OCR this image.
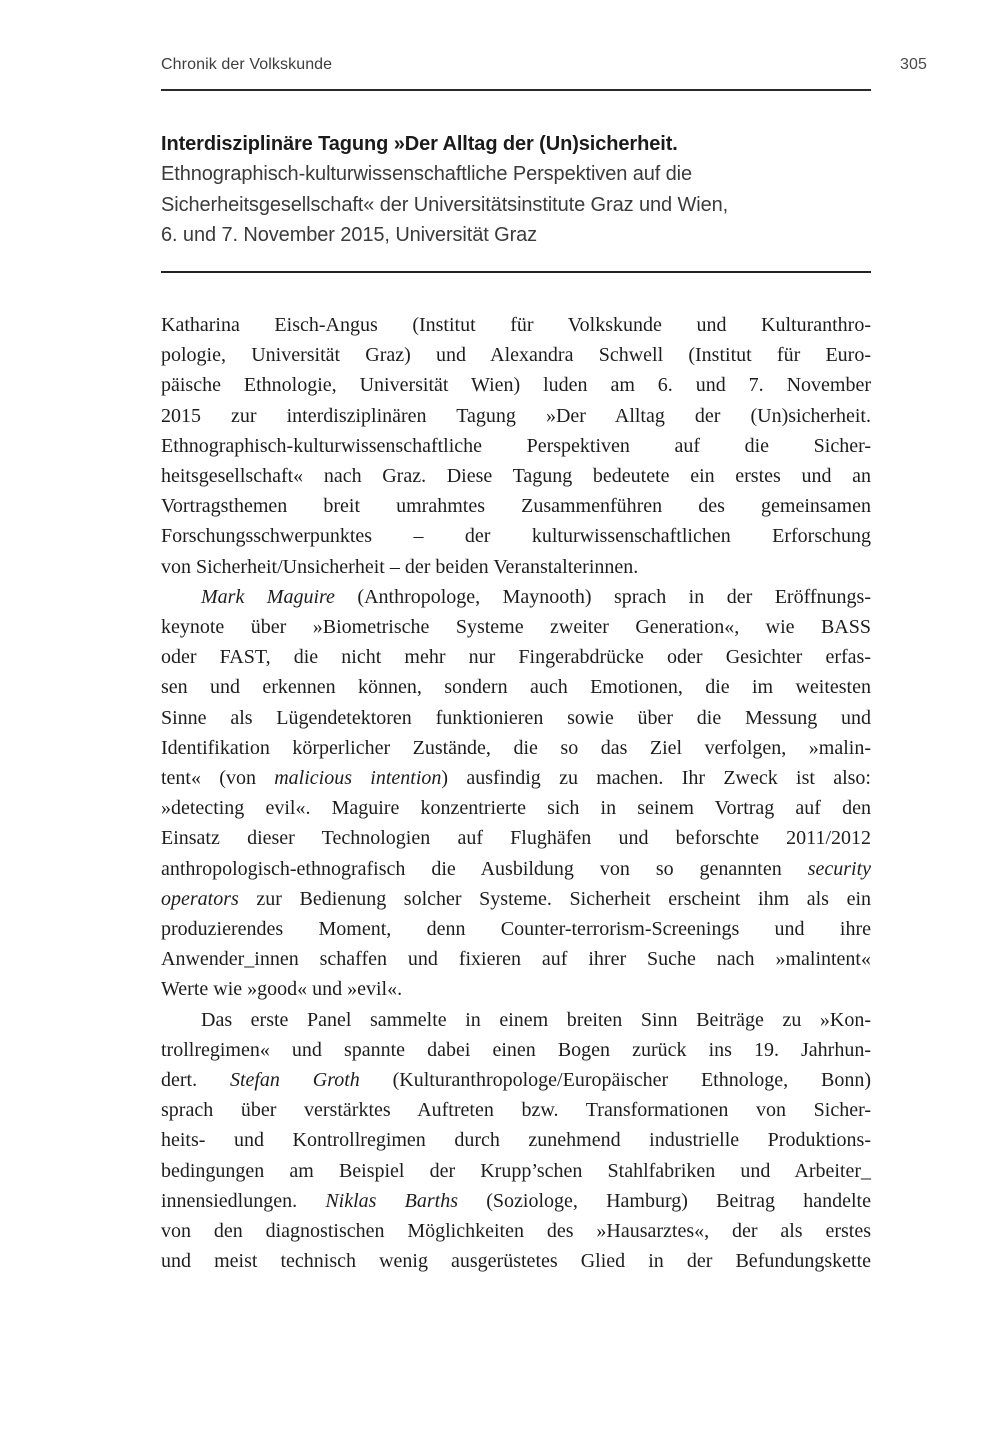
Chronik der Volkskunde	305
Interdisziplinäre Tagung »Der Alltag der (Un)sicherheit.
Ethnographisch-kulturwissenschaftliche Perspektiven auf die
Sicherheitsgesellschaft« der Universitätsinstitute Graz und Wien,
6. und 7. November 2015, Universität Graz
Katharina Eisch-Angus (Institut für Volkskunde und Kulturanthro-
pologie, Universität Graz) und Alexandra Schwell (Institut für Euro-
päische Ethnologie, Universität Wien) luden am 6. und 7. November
2015 zur interdisziplinären Tagung »Der Alltag der (Un)sicherheit.
Ethnographisch-kulturwissenschaftliche Perspektiven auf die Sicher-
heitsgesellschaft« nach Graz. Diese Tagung bedeutete ein erstes und an
Vortragsthemen breit umrahmtes Zusammenführen des gemeinsamen
Forschungsschwerpunktes – der kulturwissenschaftlichen Erforschung
von Sicherheit/Unsicherheit – der beiden Veranstalterinnen.
Mark Maguire (Anthropologe, Maynooth) sprach in der Eröffnungs-
keynote über »Biometrische Systeme zweiter Generation«, wie BASS
oder FAST, die nicht mehr nur Fingerabdrücke oder Gesichter erfas-
sen und erkennen können, sondern auch Emotionen, die im weitesten
Sinne als Lügendetektoren funktionieren sowie über die Messung und
Identifikation körperlicher Zustände, die so das Ziel verfolgen, »malin-
tent« (von malicious intention) ausfindig zu machen. Ihr Zweck ist also:
»detecting evil«. Maguire konzentrierte sich in seinem Vortrag auf den
Einsatz dieser Technologien auf Flughäfen und beforschte 2011/2012
anthropologisch-ethnografisch die Ausbildung von so genannten security
operators zur Bedienung solcher Systeme. Sicherheit erscheint ihm als ein
produzierendes Moment, denn Counter-terrorism-Screenings und ihre
Anwender_innen schaffen und fixieren auf ihrer Suche nach »malintent«
Werte wie »good« und »evil«.
Das erste Panel sammelte in einem breiten Sinn Beiträge zu »Kon-
trollregimen« und spannte dabei einen Bogen zurück ins 19. Jahrhun-
dert. Stefan Groth (Kulturanthropologe/Europäischer Ethnologe, Bonn)
sprach über verstärktes Auftreten bzw. Transformationen von Sicher-
heits- und Kontrollregimen durch zunehmend industrielle Produktions-
bedingungen am Beispiel der Krupp’schen Stahlfabriken und Arbeiter_
innensiedlungen. Niklas Barths (Soziologe, Hamburg) Beitrag handelte
von den diagnostischen Möglichkeiten des »Hausarztes«, der als erstes
und meist technisch wenig ausgerüstetes Glied in der Befundungskette
